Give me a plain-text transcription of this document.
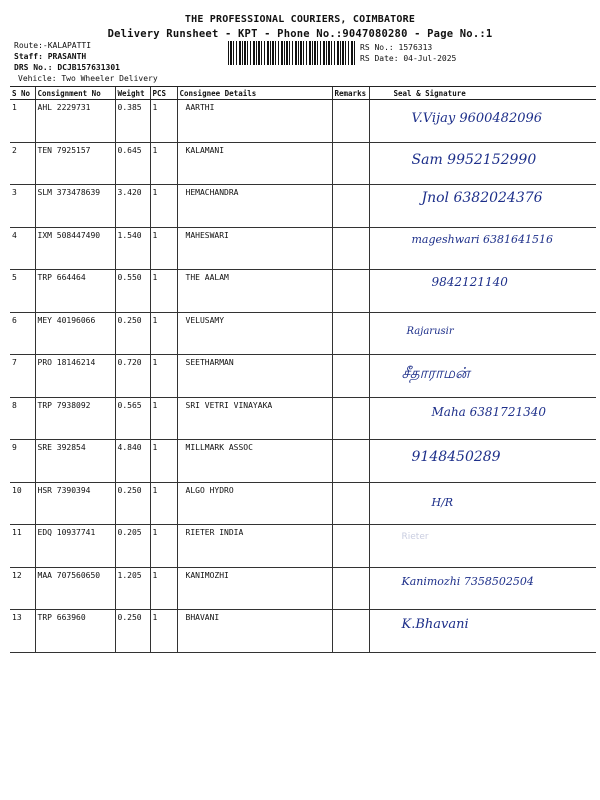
THE PROFESSIONAL COURIERS, COIMBATORE
Delivery Runsheet - KPT - Phone No.:9047080280 - Page No.:1
Route:-KALAPATTI
Staff: PRASANTH
DRS No.: DCJB157631301
Vehicle: Two Wheeler Delivery
RS No.: 1576313
RS Date: 04-Jul-2025
S No	Consignment No	Weight	PCS	Consignee Details	Remarks	Seal & Signature
1	AHL 2229731	0.385	1	AARTHI		V.Vijay 9600482096
2	TEN 7925157	0.645	1	KALAMANI		Sam 9952152990
3	SLM 373478639	3.420	1	HEMACHANDRA		Jnol 6382024376
4	IXM 508447490	1.540	1	MAHESWARI		mageshwari 6381641516
5	TRP 664464	0.550	1	THE AALAM		9842121140
6	MEY 40196066	0.250	1	VELUSAMY		Rajarusir
7	PRO 18146214	0.720	1	SEETHARMAN		சீதாராமன்
8	TRP 7938092	0.565	1	SRI VETRI VINAYAKA		Maha 6381721340
9	SRE 392854	4.840	1	MILLMARK ASSOC		9148450289
10	HSR 7390394	0.250	1	ALGO HYDRO		H/R
11	EDQ 10937741	0.205	1	RIETER INDIA		Rieter
12	MAA 707560650	1.205	1	KANIMOZHI		Kanimozhi 7358502504
13	TRP 663960	0.250	1	BHAVANI		K.Bhavani
